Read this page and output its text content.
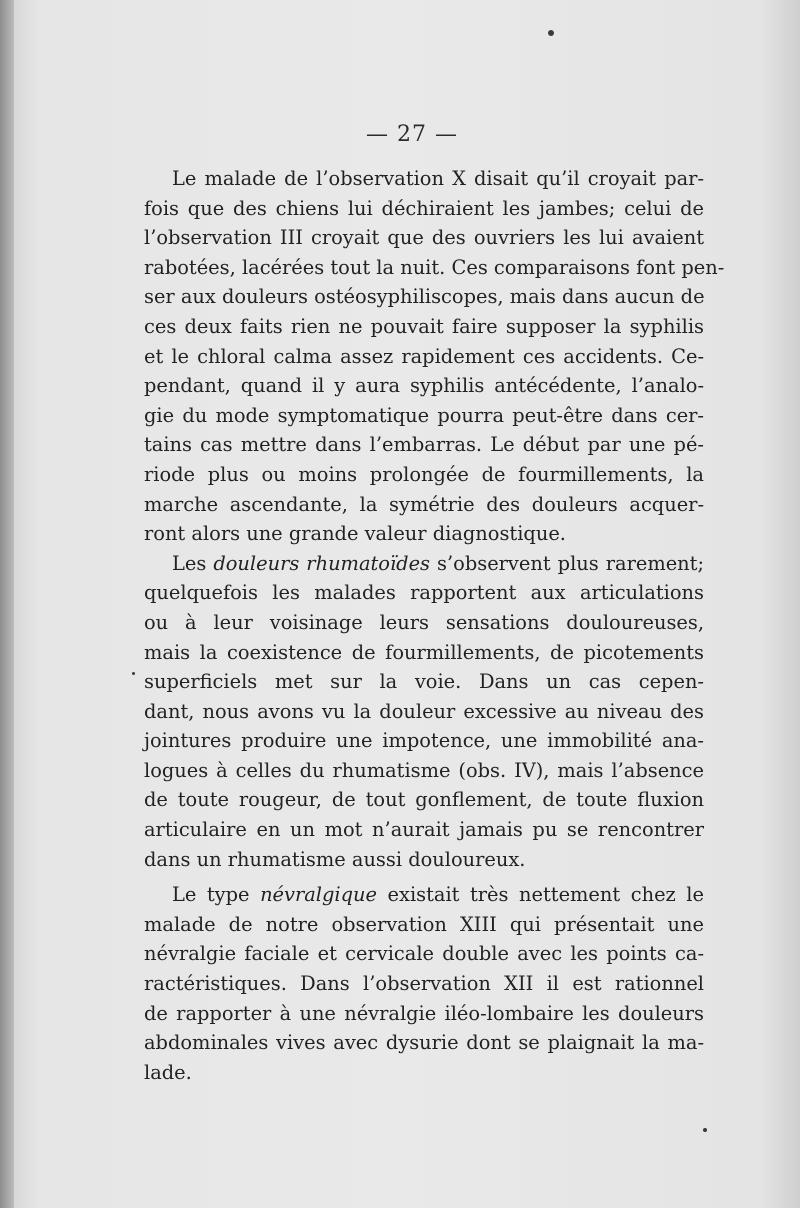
— 27 —
Le malade de l’observation X disait qu’il croyait par-
fois que des chiens lui déchiraient les jambes; celui de
l’observation III croyait que des ouvriers les lui avaient
rabotées, lacérées tout la nuit. Ces comparaisons font pen-
ser aux douleurs ostéosyphiliscopes, mais dans aucun de
ces deux faits rien ne pouvait faire supposer la syphilis
et le chloral calma assez rapidement ces accidents. Ce-
pendant, quand il y aura syphilis antécédente, l’analo-
gie du mode symptomatique pourra peut-être dans cer-
tains cas mettre dans l’embarras. Le début par une pé-
riode plus ou moins prolongée de fourmillements, la
marche ascendante, la symétrie des douleurs acquer-
ront alors une grande valeur diagnostique.
Les douleurs rhumatoïdes s’observent plus rarement;
quelquefois les malades rapportent aux articulations
ou à leur voisinage leurs sensations douloureuses,
mais la coexistence de fourmillements, de picotements
superficiels met sur la voie. Dans un cas cepen-
dant, nous avons vu la douleur excessive au niveau des
jointures produire une impotence, une immobilité ana-
logues à celles du rhumatisme (obs. IV), mais l’absence
de toute rougeur, de tout gonflement, de toute fluxion
articulaire en un mot n’aurait jamais pu se rencontrer
dans un rhumatisme aussi douloureux.
Le type névralgique existait très nettement chez le
malade de notre observation XIII qui présentait une
névralgie faciale et cervicale double avec les points ca-
ractéristiques. Dans l’observation XII il est rationnel
de rapporter à une névralgie iléo-lombaire les douleurs
abdominales vives avec dysurie dont se plaignait la ma-
lade.
